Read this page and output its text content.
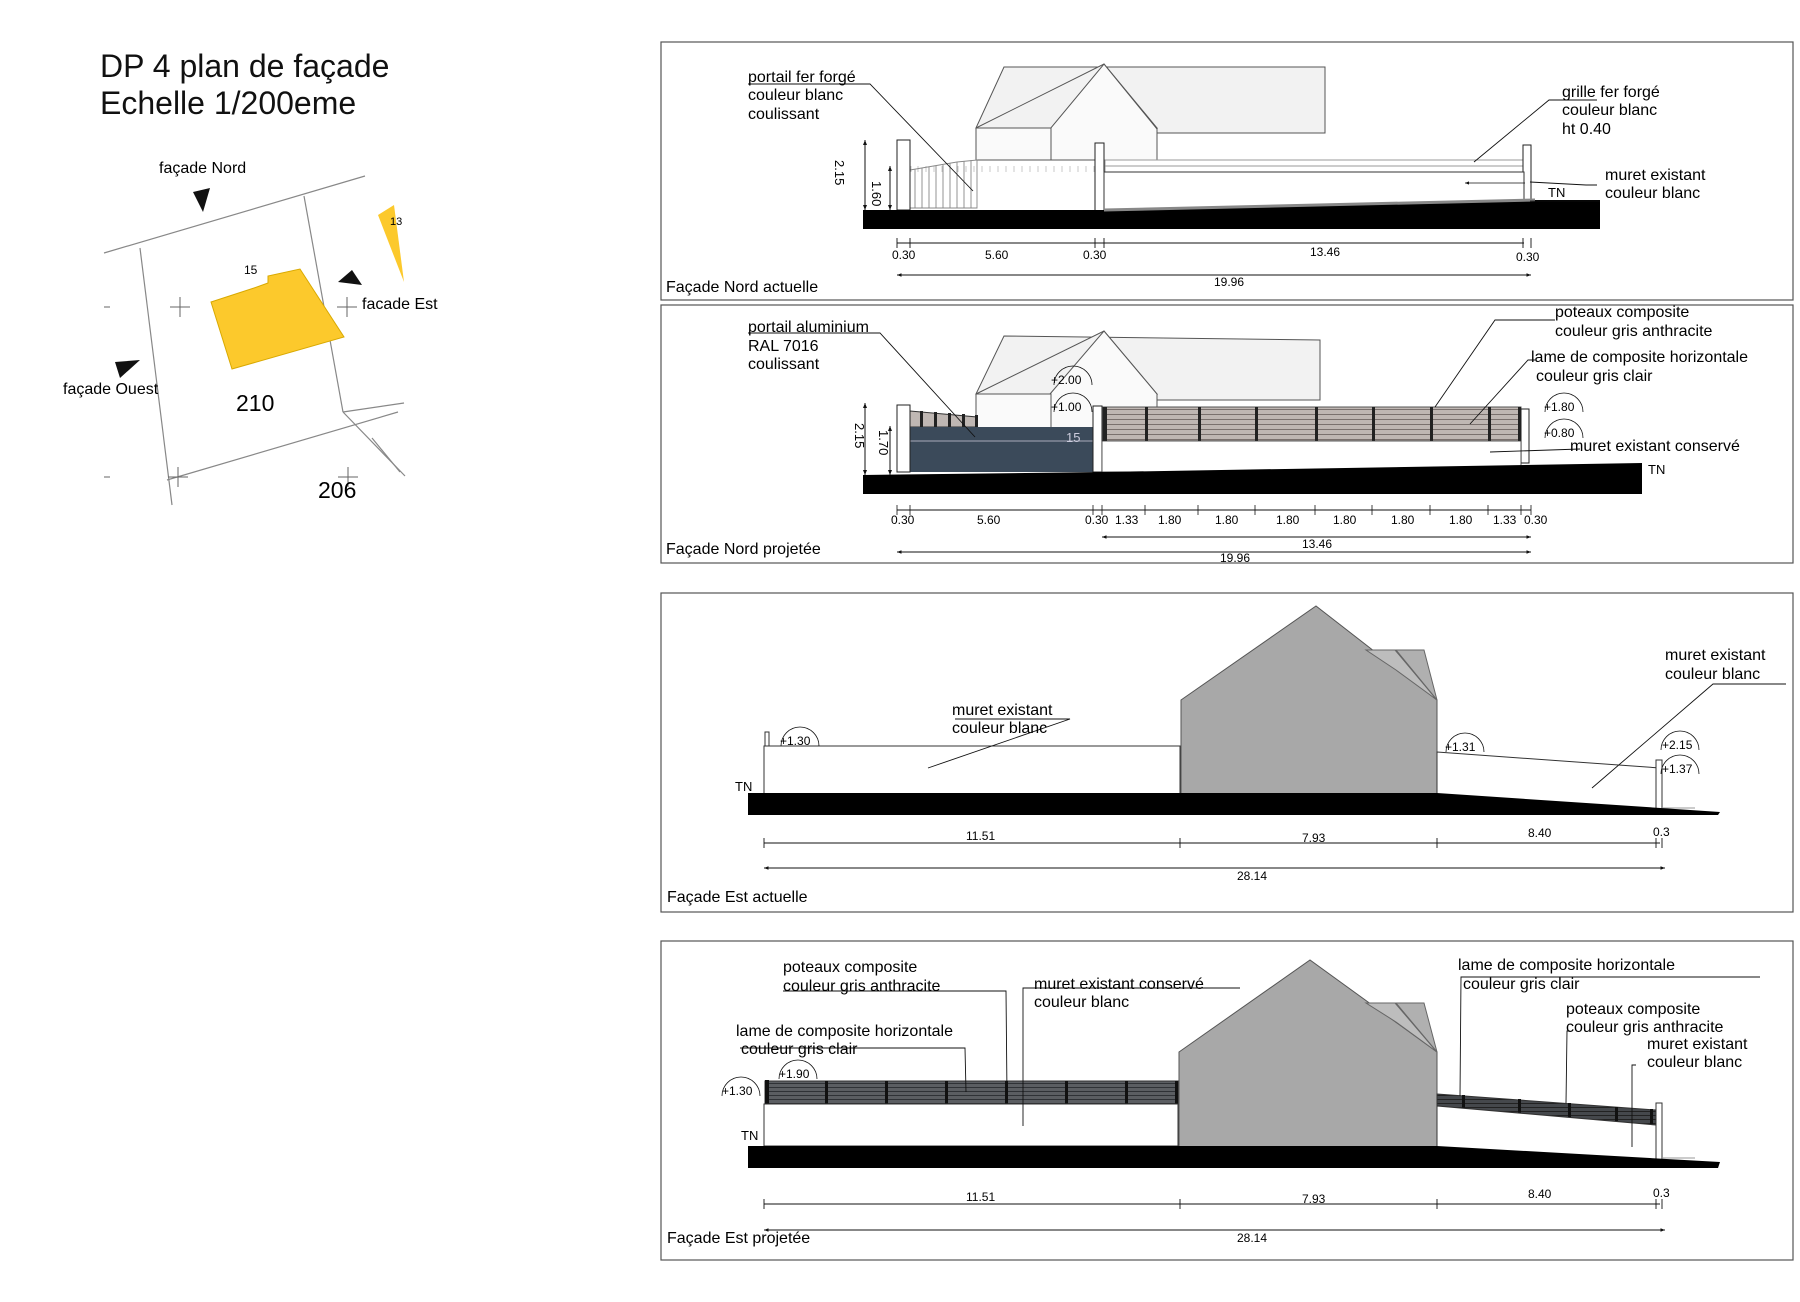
DP 4 plan de façade
Echelle 1/200eme
façade Nord
facade Est
façade Ouest
15
13
210
206
2.15
1.60
0.30	5.60	0.30	13.46	0.30
19.96
portail fer forgé
couleur blanc
coulissant
grille fer forgé
couleur blanc
ht 0.40
muret existant
couleur blanc
Façade Nord actuelle
TN
+2.00
+1.00	+1.80
+0.80
15
2.15 1.70
0.30	5.60	0.30 1.33 1.80	1.80	1.80	1.80	1.80	1.80 1.33 0.30
13.46
19.96
portail aluminium
RAL 7016
coulissant
poteaux composite
couleur gris anthracite
lame de composite horizontale
couleur gris clair
muret existant conservé
Façade Nord projetée
TN
+1.30	+1.31	+2.15
+1.37
11.51	7.93	8.40	0.3
28.14
muret existant
couleur blanc
muret existant
couleur blanc
Façade Est actuelle
TN
+1.30
+1.90
11.51	7.93	8.40	0.3
28.14
poteaux composite
couleur gris anthracite	muret existant conservé
couleur blanc
lame de composite horizontale
couleur gris clair
lame de composite horizontale
couleur gris clair
poteaux composite
couleur gris anthracite
muret existant
couleur blanc
Façade Est projetée
TN
